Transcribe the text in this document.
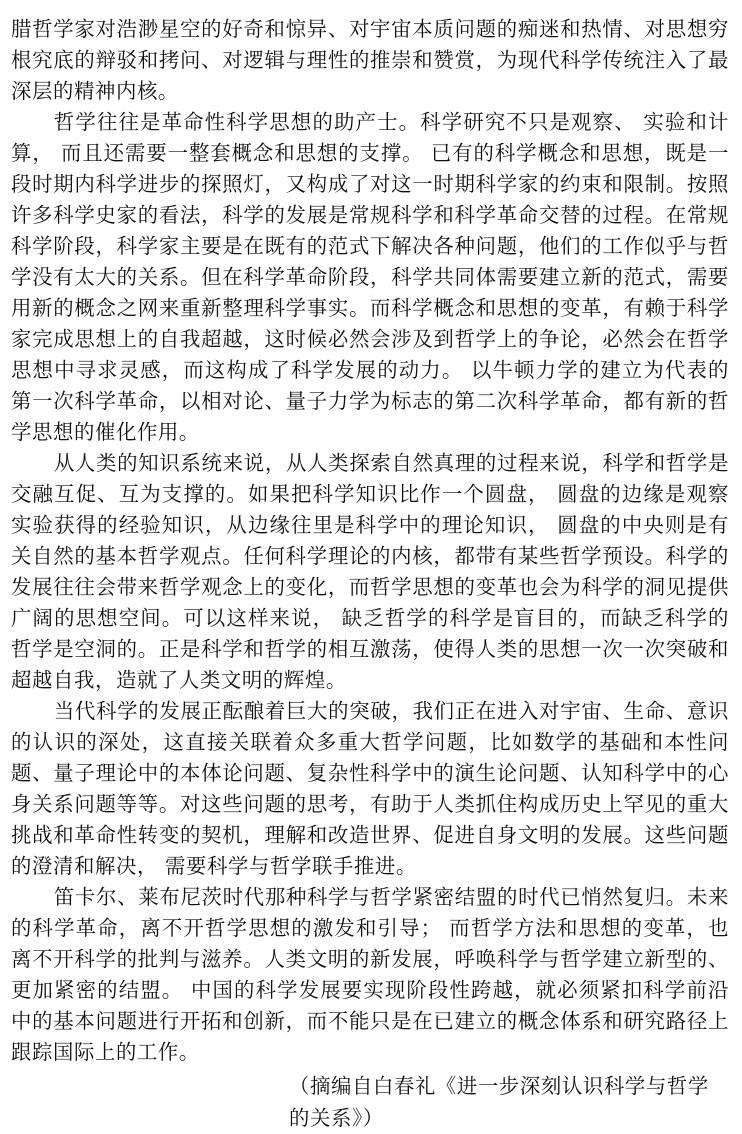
腊哲学家对浩渺星空的好奇和惊异、对宇宙本质问题的痴迷和热情、对思想穷根究底的辩驳和拷问、对逻辑与理性的推崇和赞赏，为现代科学传统注入了最深层的精神内核。

哲学往往是革命性科学思想的助产士。科学研究不只是观察、 实验和计算， 而且还需要一整套概念和思想的支撑。 已有的科学概念和思想，既是一段时期内科学进步的探照灯，又构成了对这一时期科学家的约束和限制。按照许多科学史家的看法，科学的发展是常规科学和科学革命交替的过程。在常规科学阶段，科学家主要是在既有的范式下解决各种问题，他们的工作似乎与哲学没有太大的关系。但在科学革命阶段，科学共同体需要建立新的范式，需要用新的概念之网来重新整理科学事实。而科学概念和思想的变革，有赖于科学家完成思想上的自我超越，这时候必然会涉及到哲学上的争论，必然会在哲学思想中寻求灵感，而这构成了科学发展的动力。 以牛顿力学的建立为代表的第一次科学革命，以相对论、量子力学为标志的第二次科学革命，都有新的哲学思想的催化作用。

从人类的知识系统来说，从人类探索自然真理的过程来说，科学和哲学是交融互促、互为支撑的。如果把科学知识比作一个圆盘， 圆盘的边缘是观察实验获得的经验知识，从边缘往里是科学中的理论知识， 圆盘的中央则是有关自然的基本哲学观点。任何科学理论的内核，都带有某些哲学预设。科学的发展往往会带来哲学观念上的变化，而哲学思想的变革也会为科学的洞见提供广阔的思想空间。可以这样来说， 缺乏哲学的科学是盲目的，而缺乏科学的哲学是空洞的。正是科学和哲学的相互激荡，使得人类的思想一次一次突破和超越自我，造就了人类文明的辉煌。

当代科学的发展正酝酿着巨大的突破，我们正在进入对宇宙、生命、意识的认识的深处，这直接关联着众多重大哲学问题，比如数学的基础和本性问题、量子理论中的本体论问题、复杂性科学中的演生论问题、认知科学中的心身关系问题等等。对这些问题的思考，有助于人类抓住构成历史上罕见的重大挑战和革命性转变的契机，理解和改造世界、促进自身文明的发展。这些问题的澄清和解决， 需要科学与哲学联手推进。

笛卡尔、莱布尼茨时代那种科学与哲学紧密结盟的时代已悄然复归。未来的科学革命，离不开哲学思想的激发和引导； 而哲学方法和思想的变革，也离不开科学的批判与滋养。人类文明的新发展，呼唤科学与哲学建立新型的、更加紧密的结盟。 中国的科学发展要实现阶段性跨越，就必须紧扣科学前沿中的基本问题进行开拓和创新，而不能只是在已建立的概念体系和研究路径上跟踪国际上的工作。

（摘编自白春礼《进一步深刻认识科学与哲学的关系》）
